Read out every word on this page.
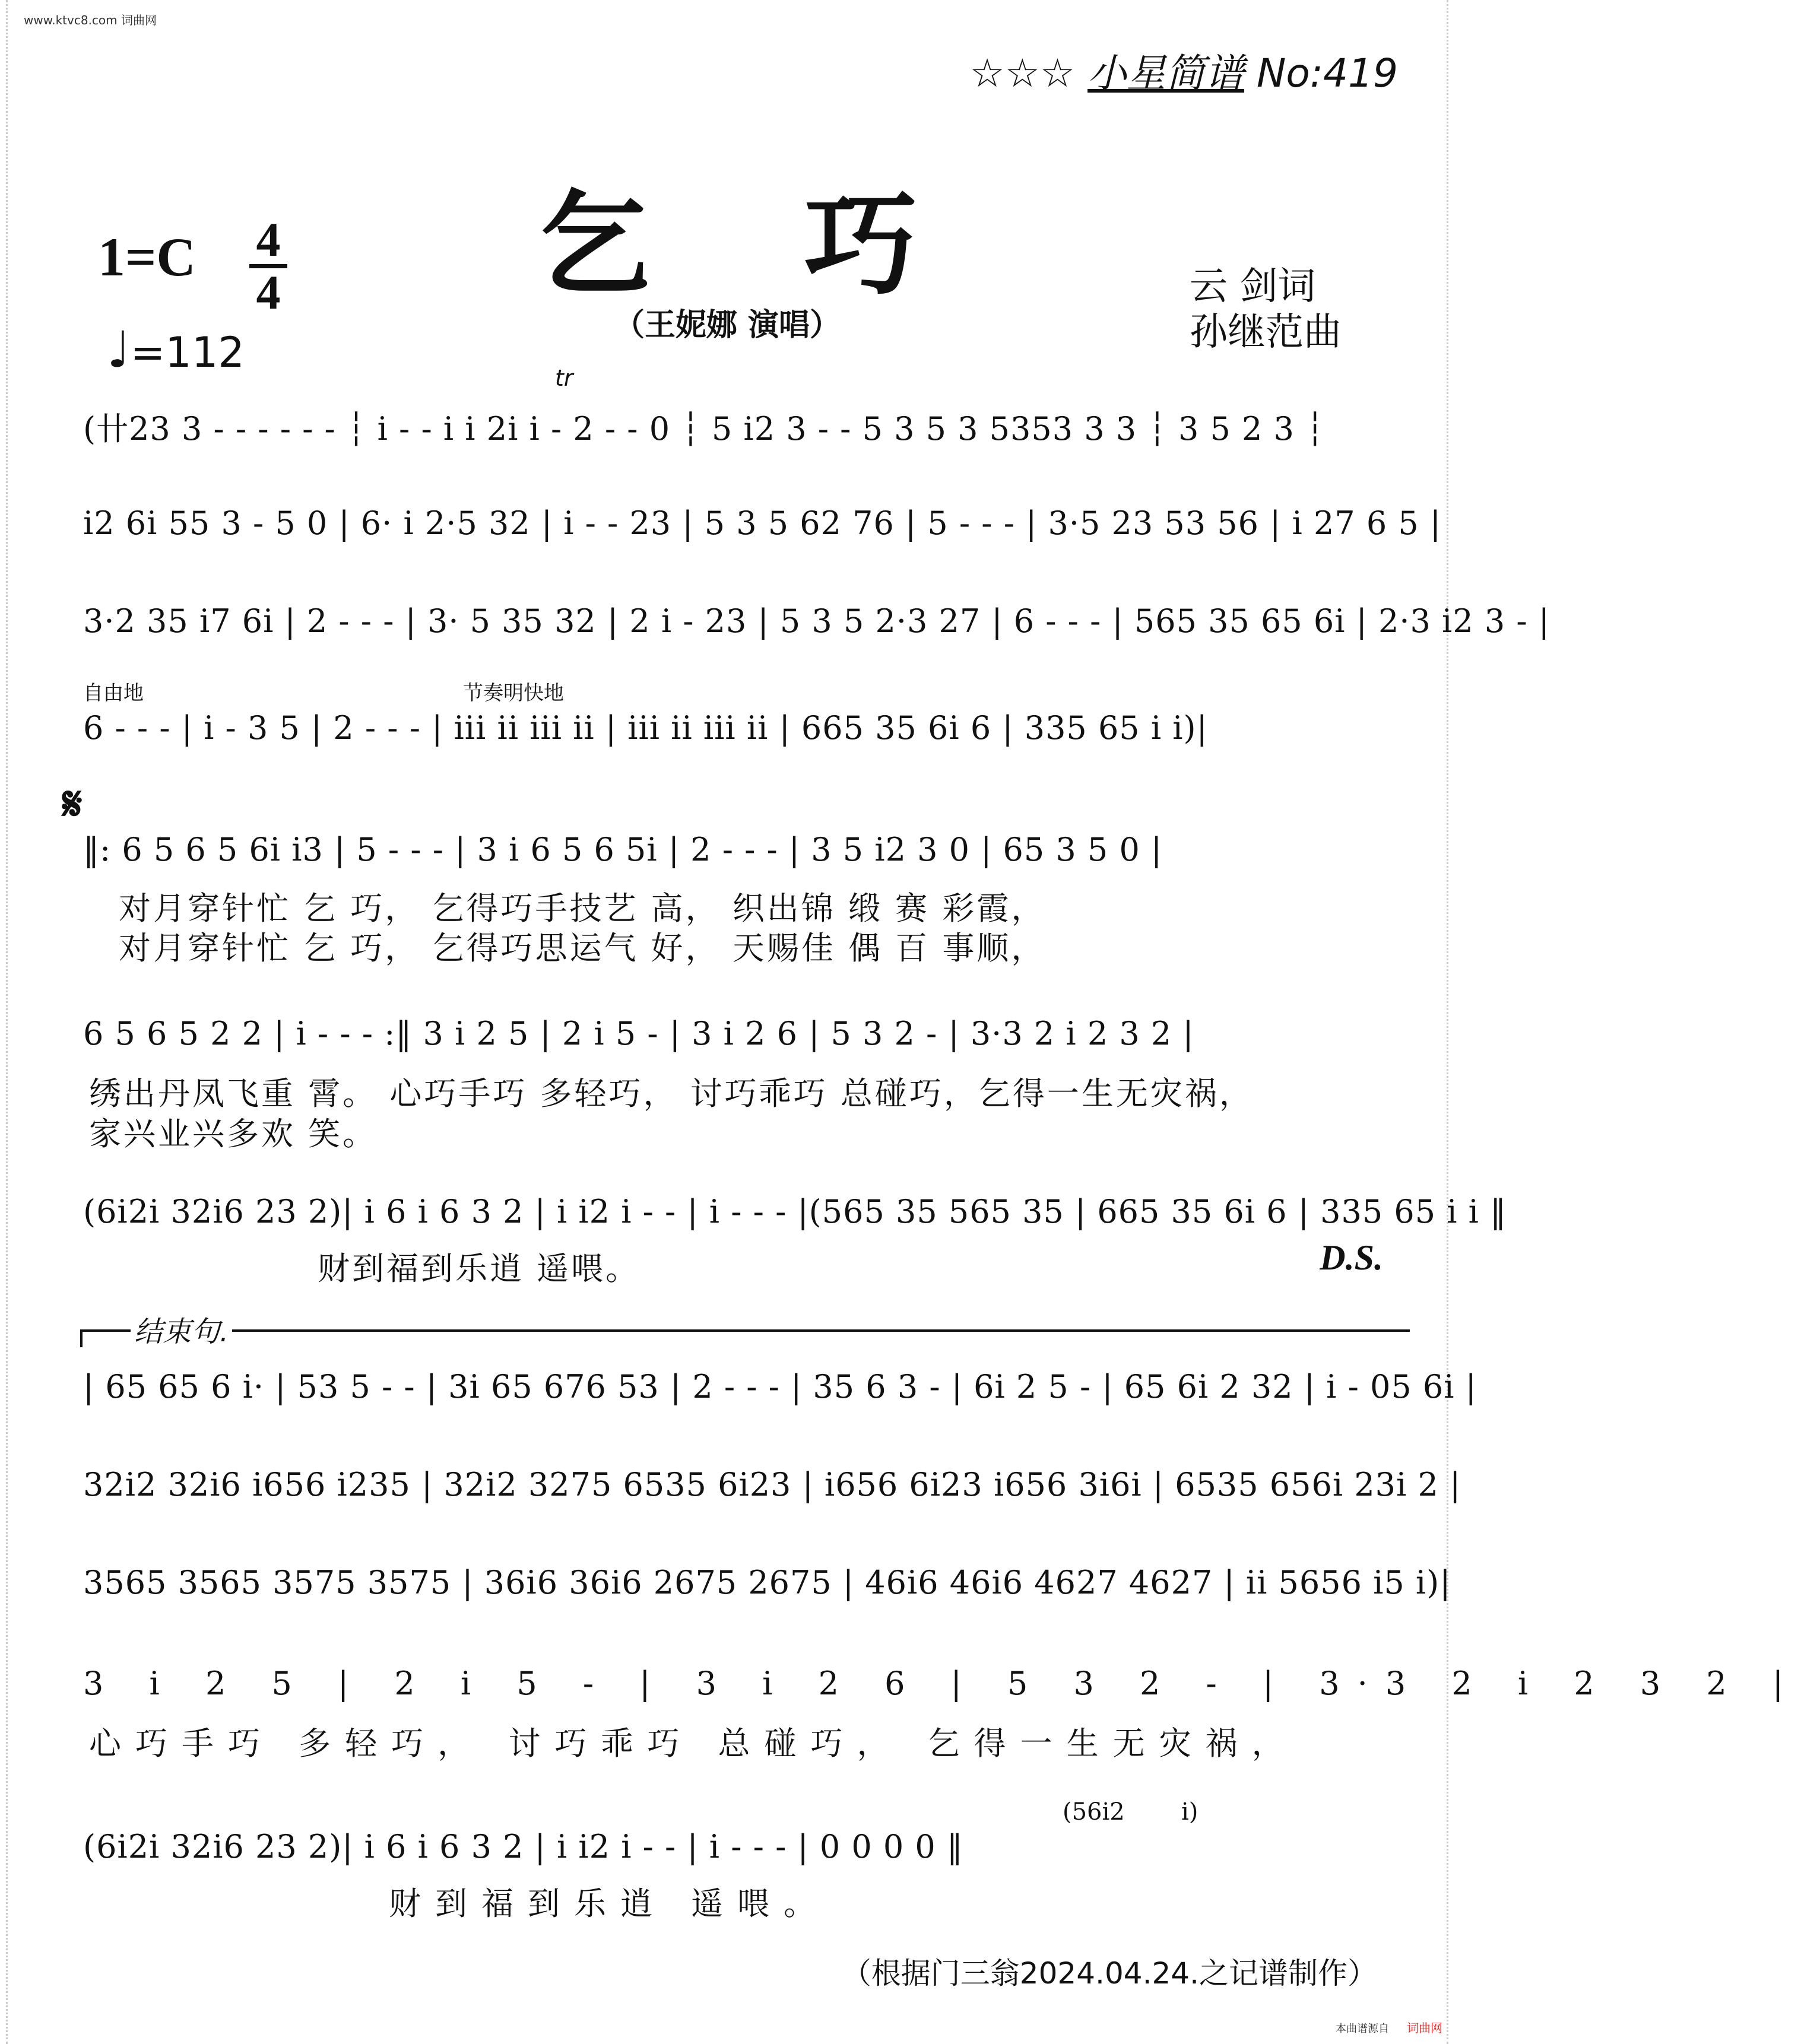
www.ktvc8.com 词曲网
☆☆☆ 小星简谱 No:419
乞巧
（王妮娜 演唱）
1=C 4
4
♩=112
云 剑词
孙继范曲
tr
(卄23 3 - - - - - - ┆ i - - i i 2i i - 2 - - 0 ┆ 5 i2 3 - - 5 3 5 3 5353 3 3 ┆ 3 5 2 3 ┆
i2 6i 55 3 - 5 0 | 6· i 2·5 32 | i - - 23 | 5 3 5 62 76 | 5 - - - | 3·5 23 53 56 | i 27 6 5 |
3·2 35 i7 6i | 2 - - - | 3· 5 35 32 | 2 i - 23 | 5 3 5 2·3 27 | 6 - - - | 565 35 65 6i | 2·3 i2 3 - |
自由地	节奏明快地
6 - - - | i - 3 5 | 2 - - - | iii ii iii ii | iii ii iii ii | 665 35 6i 6 | 335 65 i i)|
𝄋
‖: 6 5 6 5 6i i3 | 5 - - - | 3 i 6 5 6 5i | 2 - - - | 3 5 i2 3 0 | 65 3 5 0 |
对月穿针忙 乞 巧， 乞得巧手技艺 高， 织出锦 缎 赛 彩霞，
对月穿针忙 乞 巧， 乞得巧思运气 好， 天赐佳 偶 百 事顺，
6 5 6 5 2 2 | i - - - :‖ 3 i 2 5 | 2 i 5 - | 3 i 2 6 | 5 3 2 - | 3·3 2 i 2 3 2 |
绣出丹凤飞重 霄。 心巧手巧 多轻巧， 讨巧乖巧 总碰巧，乞得一生无灾祸，
家兴业兴多欢 笑。
(6i2i 32i6 23 2)| i 6 i 6 3 2 | i i2 i - - | i - - - |(565 35 565 35 | 665 35 6i 6 | 335 65 i i ‖
财到福到乐逍 遥喂。	D.S.
结束句.
| 65 65 6 i· | 53 5 - - | 3i 65 676 53 | 2 - - - | 35 6 3 - | 6i 2 5 - | 65 6i 2 32 | i - 05 6i |
32i2 32i6 i656 i235 | 32i2 3275 6535 6i23 | i656 6i23 i656 3i6i | 6535 656i 23i 2 |
3565 3565 3575 3575 | 36i6 36i6 2675 2675 | 46i6 46i6 4627 4627 | ii 5656 i5 i)|
3 i 2 5 | 2 i 5 - | 3 i 2 6 | 5 3 2 - | 3·3 2 i 2 3 2 |
心巧手巧 多轻巧， 讨巧乖巧 总碰巧， 乞得一生无灾祸，
(56i2 i)
(6i2i 32i6 23 2)| i 6 i 6 3 2 | i i2 i - - | i - - - | 0 0 0 0 ‖
财到福到乐逍 遥喂。
（根据门三翁2024.04.24.之记谱制作）
本曲谱源自 词曲网
